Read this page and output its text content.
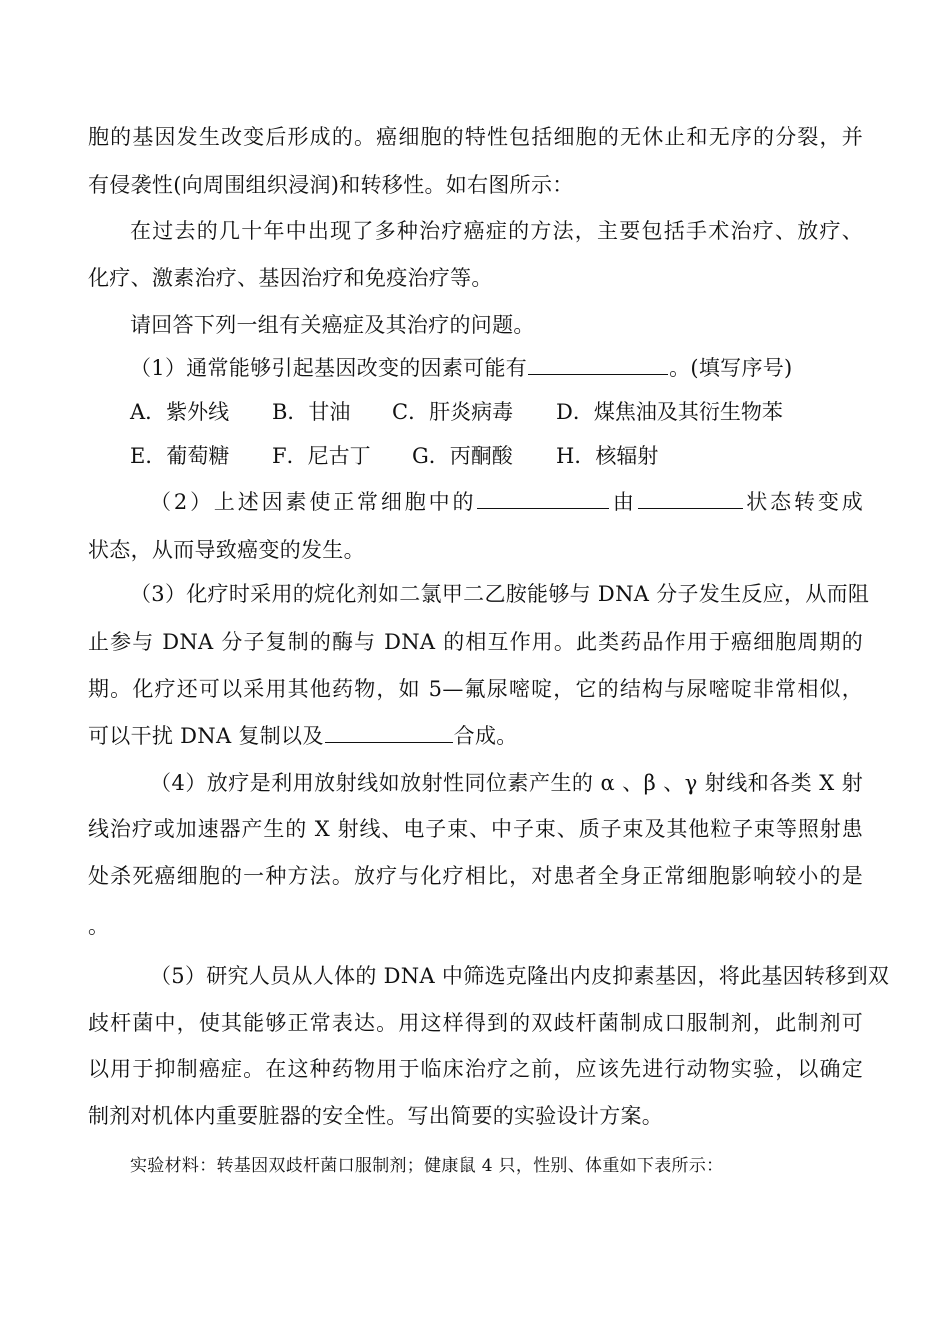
胞的基因发生改变后形成的。癌细胞的特性包括细胞的无休止和无序的分裂，并
有侵袭性(向周围组织浸润)和转移性。如右图所示：
在过去的几十年中出现了多种治疗癌症的方法，主要包括手术治疗、放疗、
化疗、激素治疗、基因治疗和免疫治疗等。
请回答下列一组有关癌症及其治疗的问题。
（1）通常能够引起基因改变的因素可能有	。(填写序号)
A．紫外线 B．甘油 C．肝炎病毒 D．煤焦油及其衍生物苯
E．葡萄糖 F．尼古丁 G．丙酮酸 H．核辐射
（2）上述因素使正常细胞中的	由	状态转变成
状态，从而导致癌变的发生。
（3）化疗时采用的烷化剂如二氯甲二乙胺能够与 DNA 分子发生反应，从而阻
止参与 DNA 分子复制的酶与 DNA 的相互作用。此类药品作用于癌细胞周期的
期。化疗还可以采用其他药物，如 5—氟尿嘧啶，它的结构与尿嘧啶非常相似，
可以干扰 DNA 复制以及	合成。
（4）放疗是利用放射线如放射性同位素产生的 α 、β 、γ 射线和各类 X 射
线治疗或加速器产生的 X 射线、电子束、中子束、质子束及其他粒子束等照射患
处杀死癌细胞的一种方法。放疗与化疗相比，对患者全身正常细胞影响较小的是
。
（5）研究人员从人体的 DNA 中筛选克隆出内皮抑素基因，将此基因转移到双
歧杆菌中，使其能够正常表达。用这样得到的双歧杆菌制成口服制剂，此制剂可
以用于抑制癌症。在这种药物用于临床治疗之前，应该先进行动物实验，以确定
制剂对机体内重要脏器的安全性。写出简要的实验设计方案。
实验材料：转基因双歧杆菌口服制剂；健康鼠 4 只，性别、体重如下表所示：
